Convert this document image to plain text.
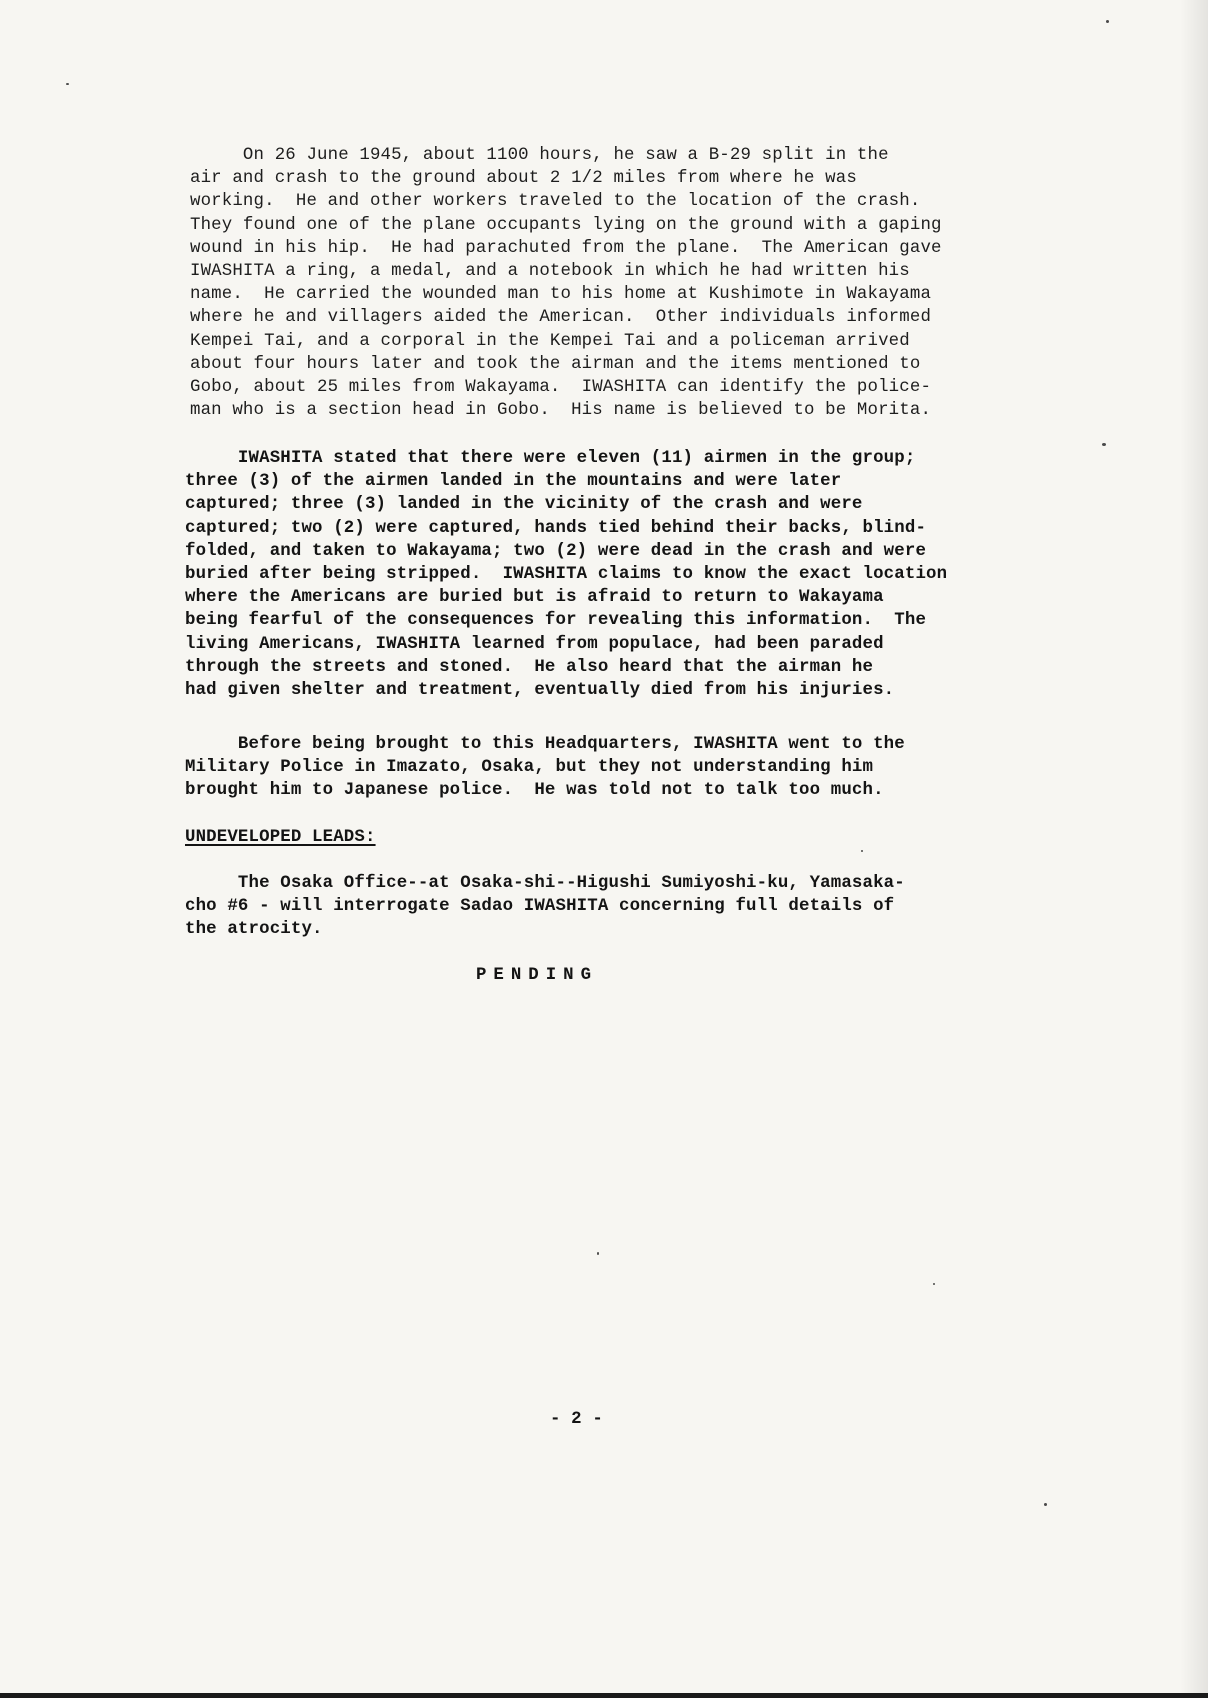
On 26 June 1945, about 1100 hours, he saw a B-29 split in the
air and crash to the ground about 2 1/2 miles from where he was
working.  He and other workers traveled to the location of the crash.
They found one of the plane occupants lying on the ground with a gaping
wound in his hip.  He had parachuted from the plane.  The American gave
IWASHITA a ring, a medal, and a notebook in which he had written his
name.  He carried the wounded man to his home at Kushimote in Wakayama
where he and villagers aided the American.  Other individuals informed
Kempei Tai, and a corporal in the Kempei Tai and a policeman arrived
about four hours later and took the airman and the items mentioned to
Gobo, about 25 miles from Wakayama.  IWASHITA can identify the police-
man who is a section head in Gobo.  His name is believed to be Morita.
IWASHITA stated that there were eleven (11) airmen in the group;
three (3) of the airmen landed in the mountains and were later
captured; three (3) landed in the vicinity of the crash and were
captured; two (2) were captured, hands tied behind their backs, blind-
folded, and taken to Wakayama; two (2) were dead in the crash and were
buried after being stripped.  IWASHITA claims to know the exact location
where the Americans are buried but is afraid to return to Wakayama
being fearful of the consequences for revealing this information.  The
living Americans, IWASHITA learned from populace, had been paraded
through the streets and stoned.  He also heard that the airman he
had given shelter and treatment, eventually died from his injuries.
Before being brought to this Headquarters, IWASHITA went to the
Military Police in Imazato, Osaka, but they not understanding him
brought him to Japanese police.  He was told not to talk too much.
UNDEVELOPED LEADS:
The Osaka Office--at Osaka-shi--Higushi Sumiyoshi-ku, Yamasaka-
cho #6 - will interrogate Sadao IWASHITA concerning full details of
the atrocity.
PENDING
- 2 -
